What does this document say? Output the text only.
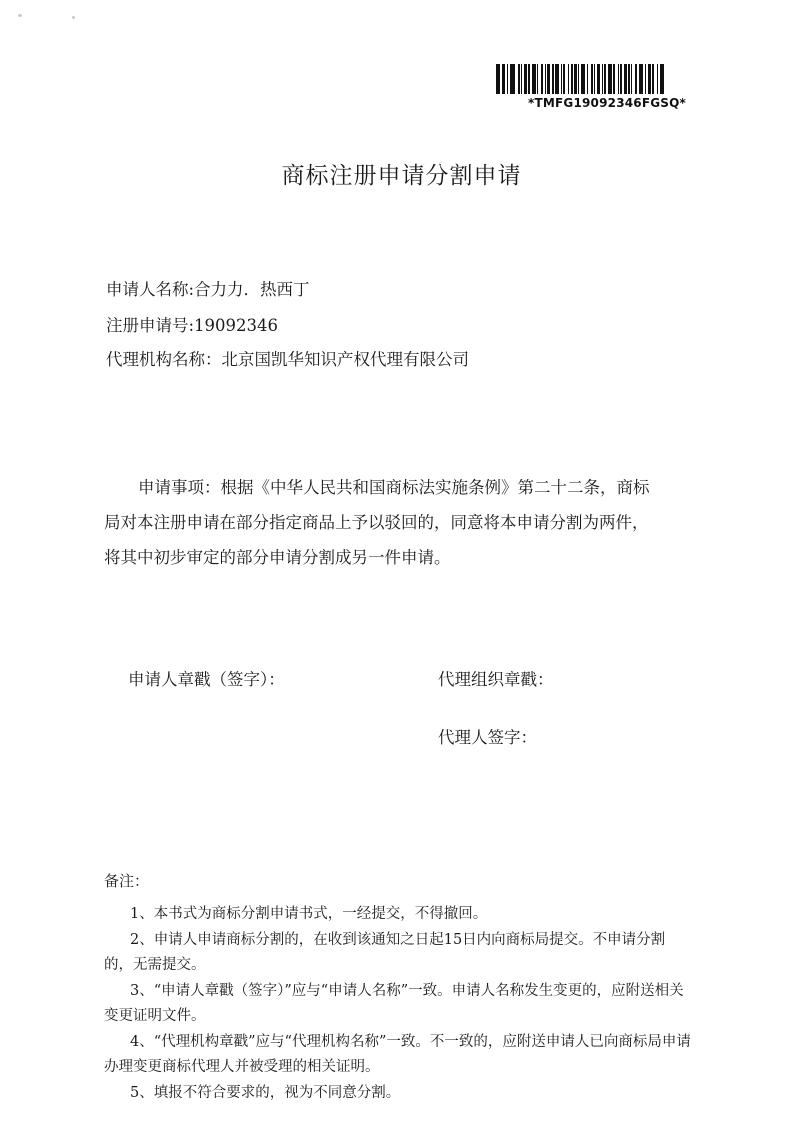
*TMFG19092346FGSQ*
商标注册申请分割申请
申请人名称:合力力．热西丁
注册申请号:19092346
代理机构名称：北京国凯华知识产权代理有限公司
申请事项：根据《中华人民共和国商标法实施条例》第二十二条，商标局对本注册申请在部分指定商品上予以驳回的，同意将本申请分割为两件，将其中初步审定的部分申请分割成另一件申请。
申请人章戳（签字）：	代理组织章戳：
代理人签字：
备注：

1、本书式为商标分割申请书式，一经提交，不得撤回。

2、申请人申请商标分割的，在收到该通知之日起15日内向商标局提交。不申请分割的，无需提交。

3、“申请人章戳（签字）”应与“申请人名称”一致。申请人名称发生变更的，应附送相关变更证明文件。

4、“代理机构章戳”应与“代理机构名称”一致。不一致的，应附送申请人已向商标局申请办理变更商标代理人并被受理的相关证明。

5、填报不符合要求的，视为不同意分割。
